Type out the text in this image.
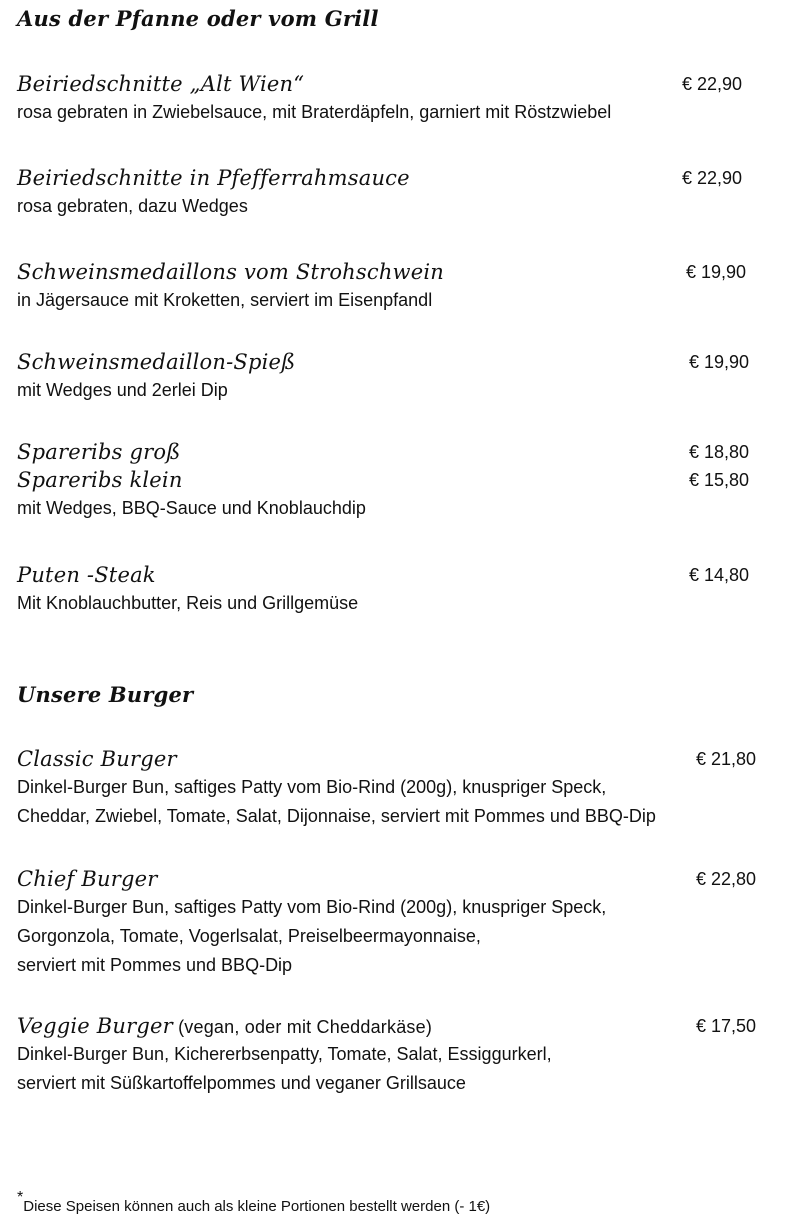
Aus der Pfanne oder vom Grill
Beiriedschnitte „Alt Wien“	€ 22,90
rosa gebraten in Zwiebelsauce, mit Braterdäpfeln, garniert mit Röstzwiebel
Beiriedschnitte in Pfefferrahmsauce	€ 22,90
rosa gebraten, dazu Wedges
Schweinsmedaillons vom Strohschwein	€ 19,90
in Jägersauce mit Kroketten, serviert im Eisenpfandl
Schweinsmedaillon-Spieß	€ 19,90
mit Wedges und 2erlei Dip
Spareribs groß	€ 18,80
Spareribs klein	€ 15,80
mit Wedges, BBQ-Sauce und Knoblauchdip
Puten -Steak	€ 14,80
Mit Knoblauchbutter, Reis und Grillgemüse
Unsere Burger
Classic Burger	€ 21,80
Dinkel-Burger Bun, saftiges Patty vom Bio-Rind (200g), knuspriger Speck,
Cheddar, Zwiebel, Tomate, Salat, Dijonnaise, serviert mit Pommes und BBQ-Dip
Chief Burger	€ 22,80
Dinkel-Burger Bun, saftiges Patty vom Bio-Rind (200g), knuspriger Speck,
Gorgonzola, Tomate, Vogerlsalat, Preiselbeermayonnaise,
serviert mit Pommes und BBQ-Dip
Veggie Burger (vegan, oder mit Cheddarkäse)	€ 17,50
Dinkel-Burger Bun, Kichererbsenpatty, Tomate, Salat, Essiggurkerl,
serviert mit Süßkartoffelpommes und veganer Grillsauce
*Diese Speisen können auch als kleine Portionen bestellt werden (- 1€)
